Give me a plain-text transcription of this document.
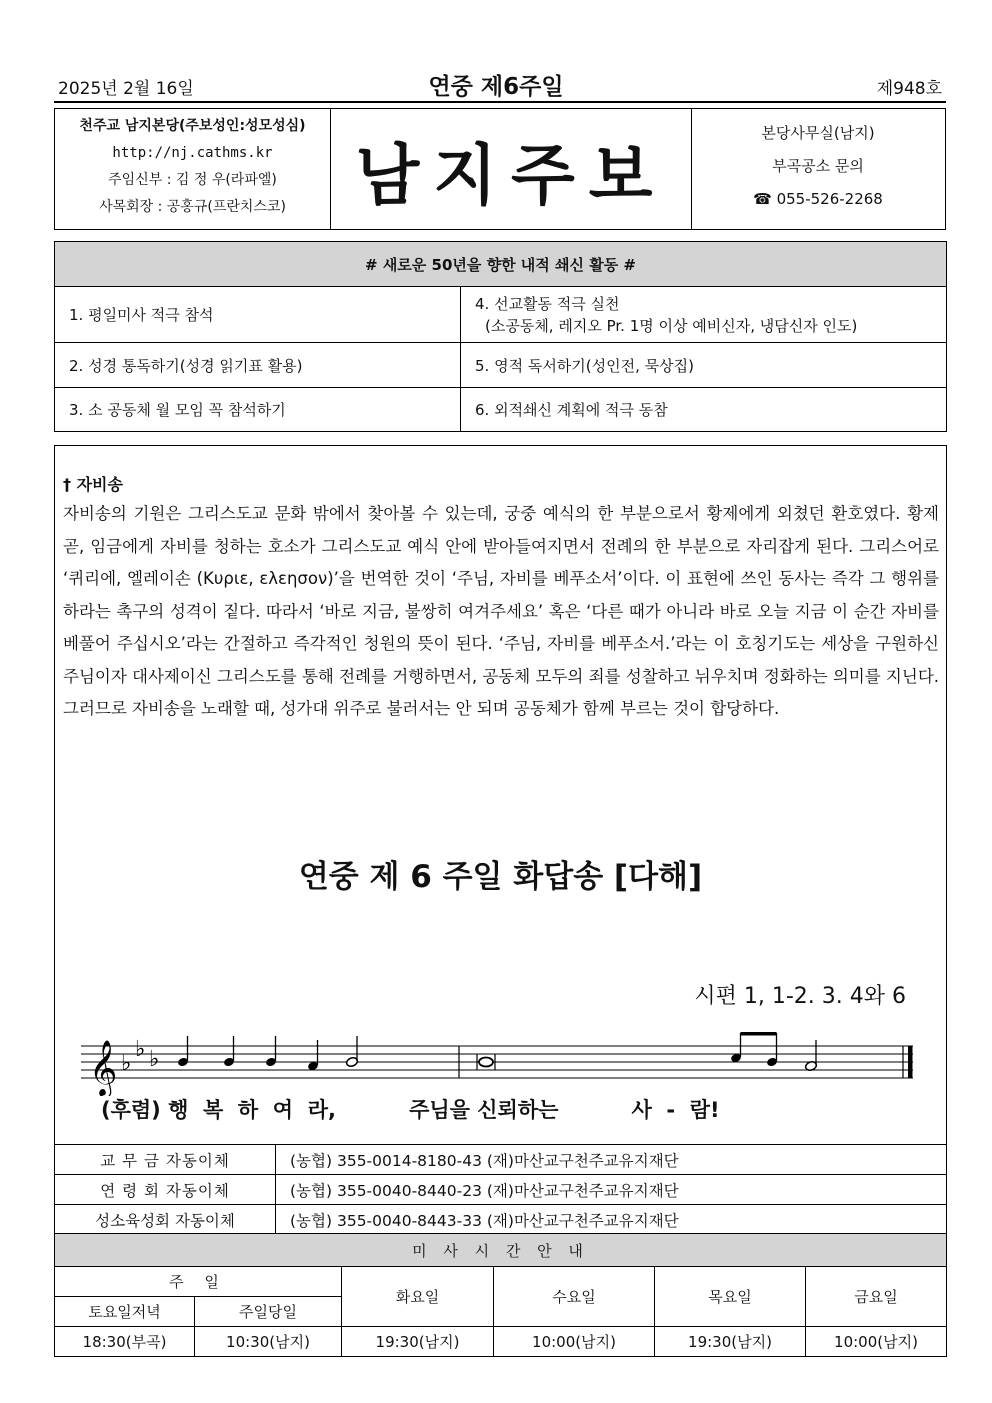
2025년 2월 16일	연중 제6주일	제948호
천주교 남지본당(주보성인:성모성심)
http://nj.cathms.kr
주임신부 : 김 정 우(라파엘)
사목회장 : 공홍규(프란치스코)	남지주보
본당사무실(남지)
부곡공소 문의
☎ 055-526-2268
# 새로운 50년을 향한 내적 쇄신 활동 #	
1. 평일미사 적극 참석	4. 선교활동 적극 실천
(소공동체, 레지오 Pr. 1명 이상 예비신자, 냉담신자 인도)

2. 성경 통독하기(성경 읽기표 활용)	5. 영적 독서하기(성인전, 묵상집)
3. 소 공동체 월 모임 꼭 참석하기	6. 외적쇄신 계획에 적극 동참
† 자비송
자비송의 기원은 그리스도교 문화 밖에서 찾아볼 수 있는데, 궁중 예식의 한 부분으로서 황제에게 외쳤던 환호였다. 황제 곧, 임금에게 자비를 청하는 호소가 그리스도교 예식 안에 받아들여지면서 전례의 한 부분으로 자리잡게 된다. 그리스어로 ‘퀴리에, 엘레이손 (Κυριε, ελεησον)’을 번역한 것이 ‘주님, 자비를 베푸소서’이다. 이 표현에 쓰인 동사는 즉각 그 행위를 하라는 촉구의 성격이 짙다. 따라서 ‘바로 지금, 불쌍히 여겨주세요’ 혹은 ‘다른 때가 아니라 바로 오늘 지금 이 순간 자비를 베풀어 주십시오’라는 간절하고 즉각적인 청원의 뜻이 된다. ‘주님, 자비를 베푸소서.’라는 이 호칭기도는 세상을 구원하신 주님이자 대사제이신 그리스도를 통해 전례를 거행하면서, 공동체 모두의 죄를 성찰하고 뉘우치며 정화하는 의미를 지닌다. 그러므로 자비송을 노래할 때, 성가대 위주로 불러서는 안 되며 공동체가 함께 부르는 것이 합당하다.
연중 제 6 주일 화답송 [다해]
시편 1, 1-2. 3. 4와 6
𝄞 ♭
♭ ♭
(후렴) 행  복  하  여  라,          주님을 신뢰하는          사  -  람!
교 무 금 자동이체	(농협) 355-0014-8180-43 (재)마산교구천주교유지재단
연 령 회 자동이체	(농협) 355-0040-8440-23 (재)마산교구천주교유지재단
성소육성회 자동이체	(농협) 355-0040-8443-33 (재)마산교구천주교유지재단
미 사 시 간 안 내					
주 일		화요일	수요일	목요일	금요일
토요일저녁	주일당일				
18:30(부곡)	10:30(남지)	19:30(남지)	10:00(남지)	19:30(남지)	10:00(남지)
